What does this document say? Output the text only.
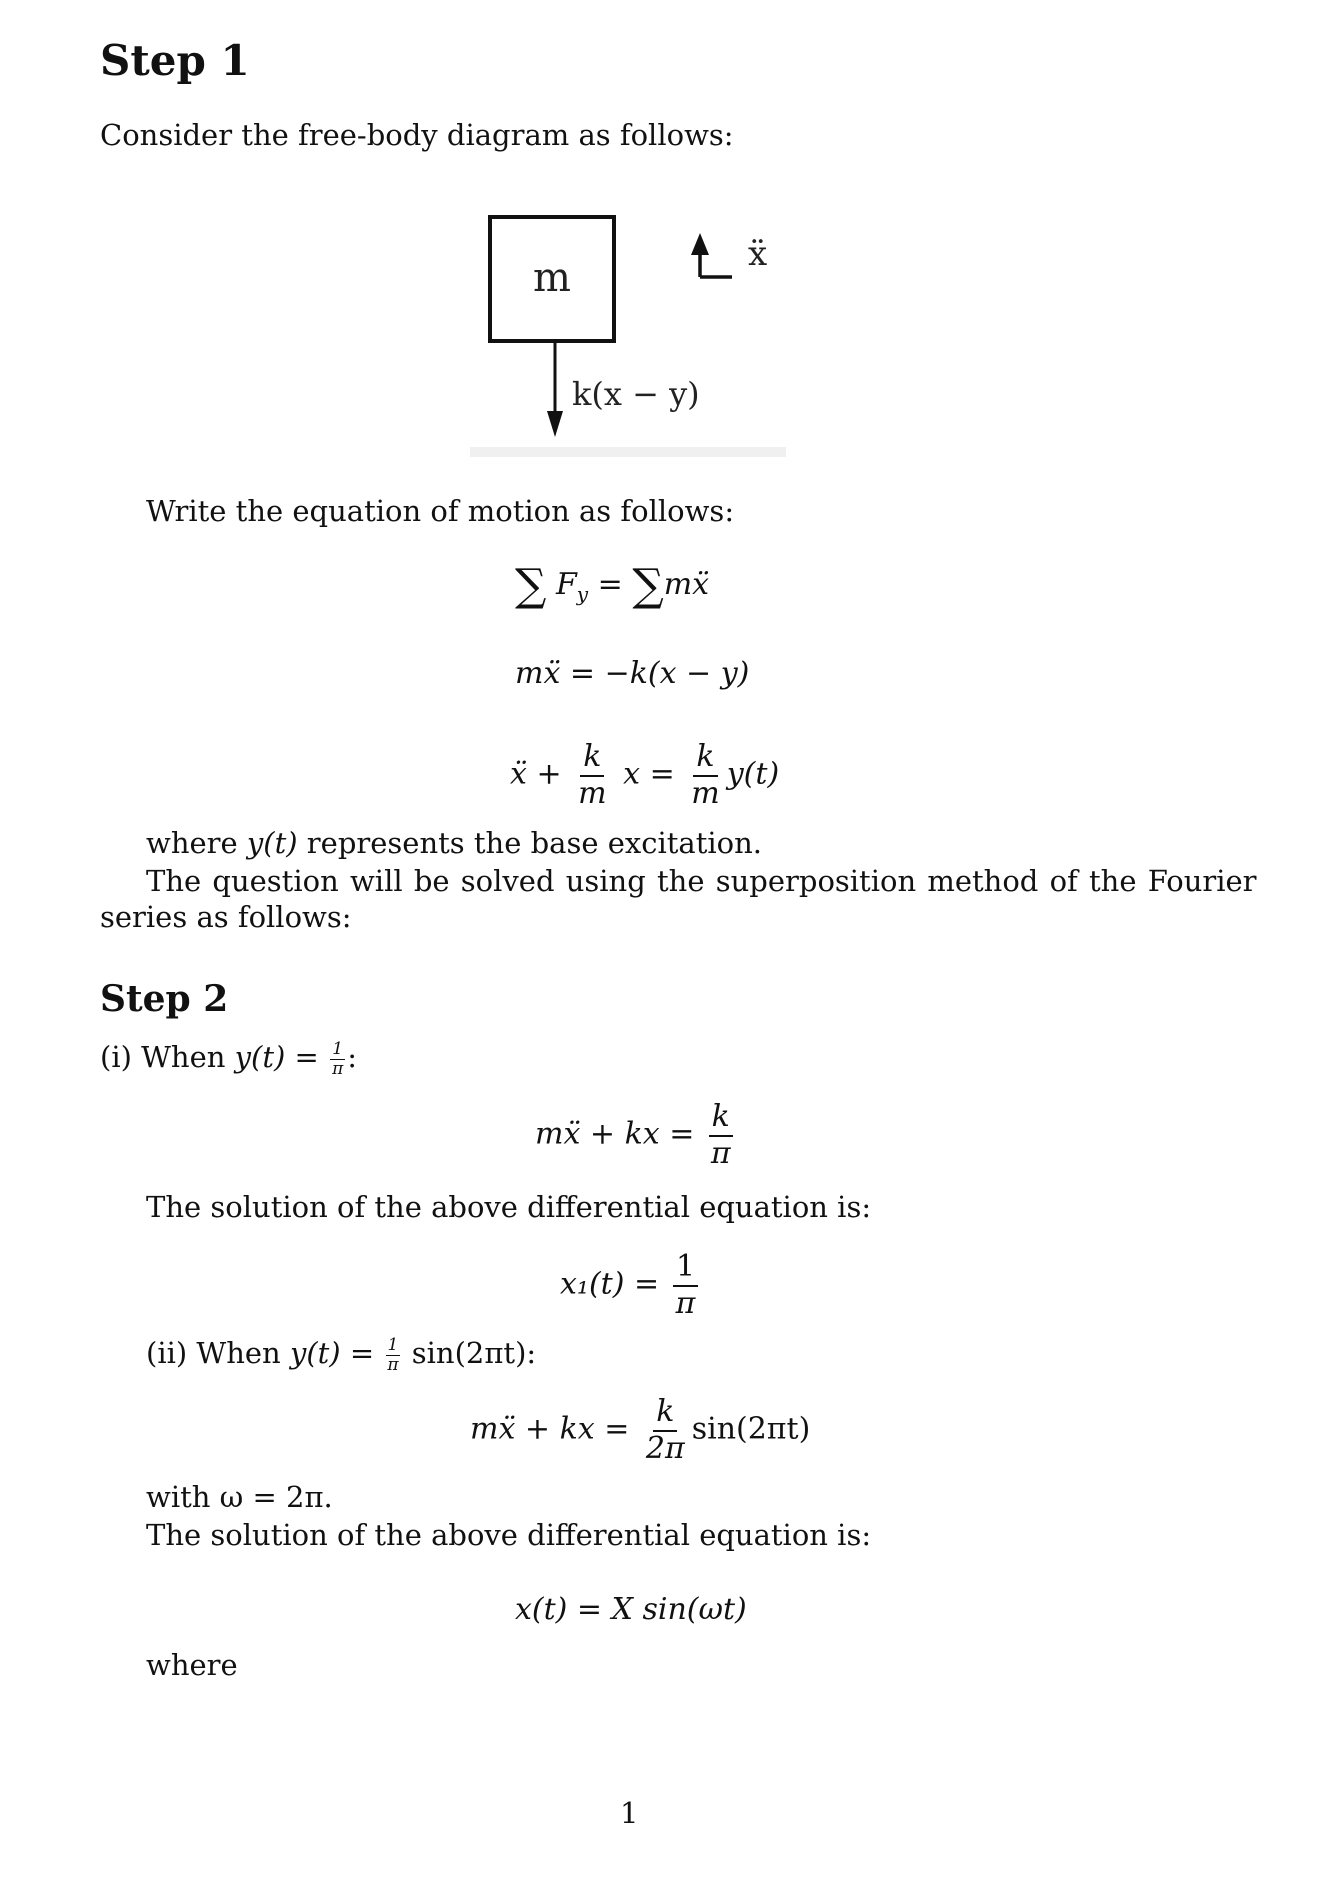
Step 1
Consider the free-body diagram as follows:
m
ẍ
k(x − y)
Write the equation of motion as follows:
∑ $F_y$ = ∑mẍ
mẍ = −k(x − y)
ẍ + $\frac{k}{m}$ $x = \frac{k}{m} y(t)$
where y(t) represents the base excitation.
The question will be solved using the superposition method of the Fourier
series as follows:
Step 2
(i) When $y(t) = \frac{1}{\pi}$ :
mẍ + kx = $\frac{k}{\pi}$
The solution of the above differential equation is:
$x_1(t) = \frac{1}{\pi}$
(ii) When $y(t) = \frac{1}{\pi} \sin(2\pi t)$:
mẍ + kx = $\frac{k}{2\pi} \sin(2\pi t)$
with ω = 2π.
The solution of the above differential equation is:
x(t) = X sin(ωt)
where
1
